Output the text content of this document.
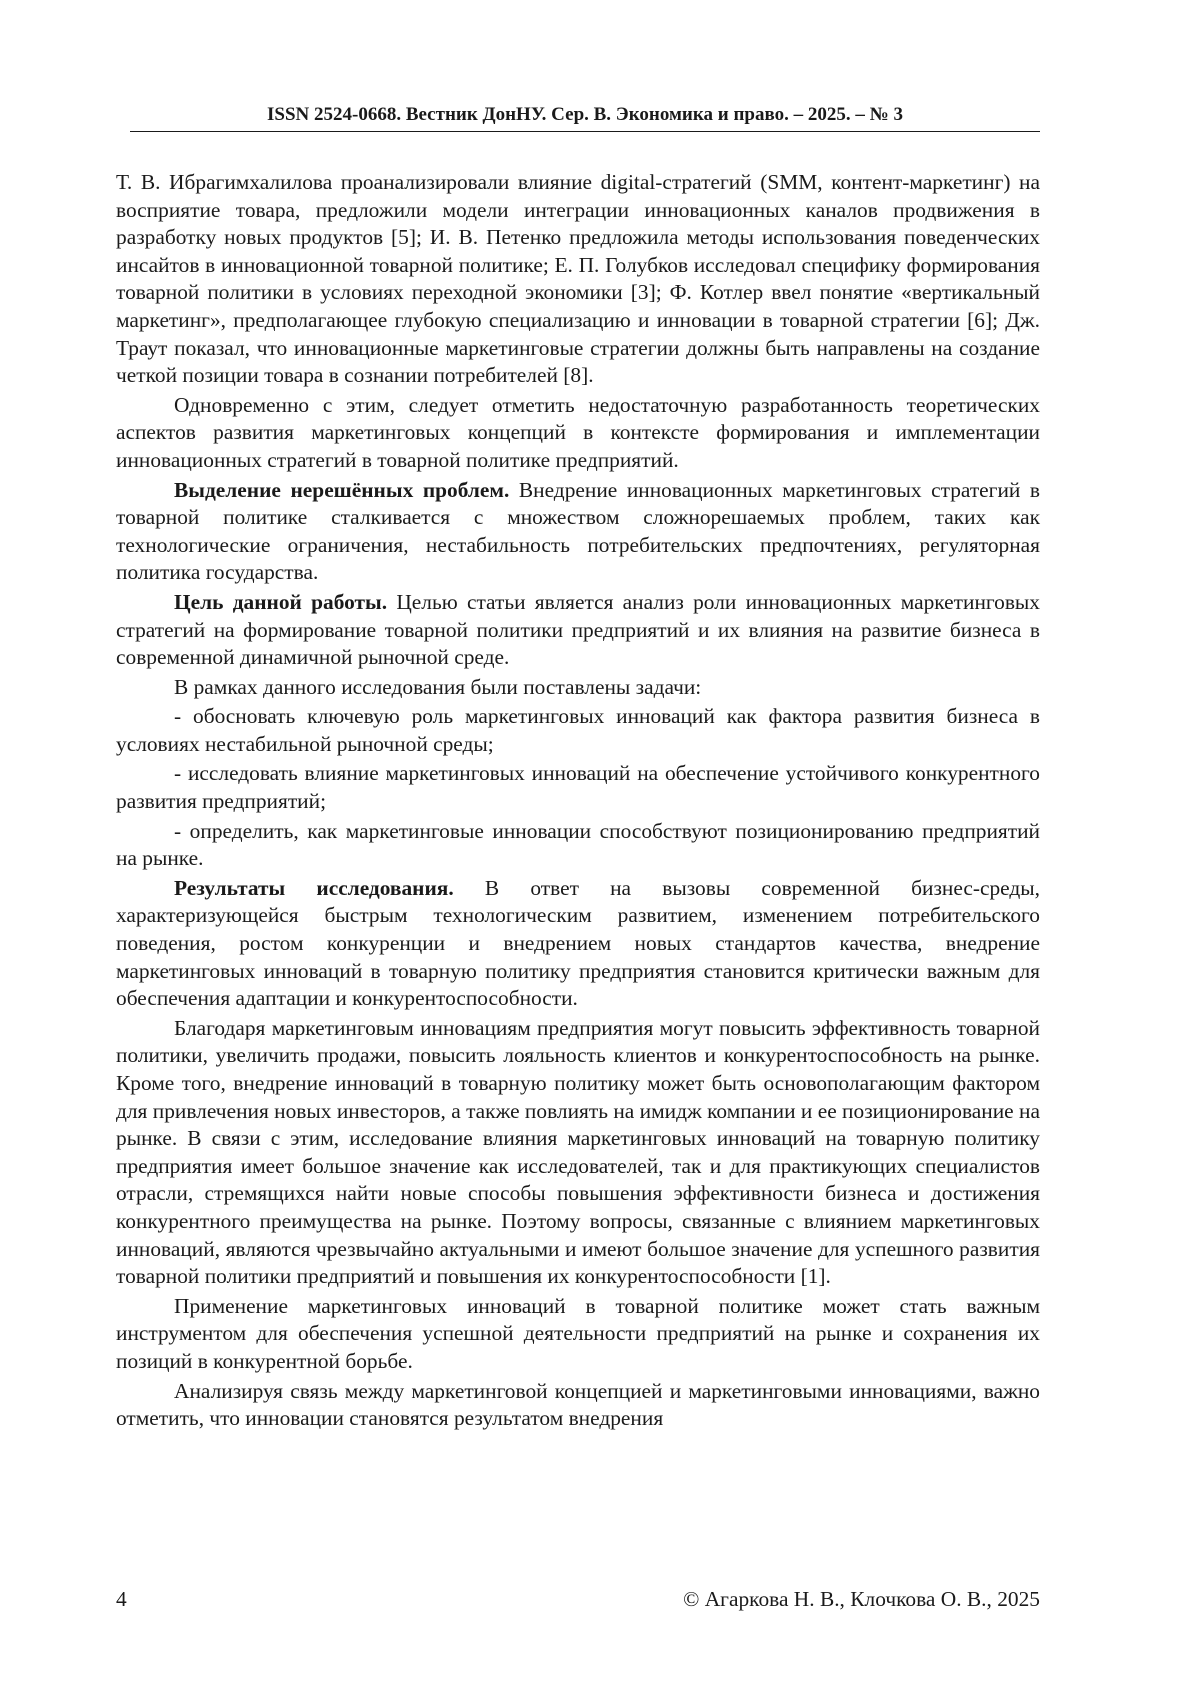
ISSN 2524-0668. Вестник ДонНУ. Сер. В. Экономика и право. – 2025. – № 3

Т. В. Ибрагимхалилова проанализировали влияние digital-стратегий (SMM, контент-маркетинг) на восприятие товара, предложили модели интеграции инновационных каналов продвижения в разработку новых продуктов [5]; И. В. Петенко предложила методы использования поведенческих инсайтов в инновационной товарной политике; Е. П. Голубков исследовал специфику формирования товарной политики в условиях переходной экономики [3]; Ф. Котлер ввел понятие «вертикальный маркетинг», предполагающее глубокую специализацию и инновации в товарной стратегии [6]; Дж. Траут показал, что инновационные маркетинговые стратегии должны быть направлены на создание четкой позиции товара в сознании потребителей [8].

Одновременно с этим, следует отметить недостаточную разработанность теоретических аспектов развития маркетинговых концепций в контексте формирования и имплементации инновационных стратегий в товарной политике предприятий.

Выделение нерешённых проблем. Внедрение инновационных маркетинговых стратегий в товарной политике сталкивается с множеством сложнорешаемых проблем, таких как технологические ограничения, нестабильность потребительских предпочтениях, регуляторная политика государства.

Цель данной работы. Целью статьи является анализ роли инновационных маркетинговых стратегий на формирование товарной политики предприятий и их влияния на развитие бизнеса в современной динамичной рыночной среде.

В рамках данного исследования были поставлены задачи:

- обосновать ключевую роль маркетинговых инноваций как фактора развития бизнеса в условиях нестабильной рыночной среды;

- исследовать влияние маркетинговых инноваций на обеспечение устойчивого конкурентного развития предприятий;

- определить, как маркетинговые инновации способствуют позиционированию предприятий на рынке.

Результаты исследования. В ответ на вызовы современной бизнес-среды, характеризующейся быстрым технологическим развитием, изменением потребительского поведения, ростом конкуренции и внедрением новых стандартов качества, внедрение маркетинговых инноваций в товарную политику предприятия становится критически важным для обеспечения адаптации и конкурентоспособности.

Благодаря маркетинговым инновациям предприятия могут повысить эффективность товарной политики, увеличить продажи, повысить лояльность клиентов и конкурентоспособность на рынке. Кроме того, внедрение инноваций в товарную политику может быть основополагающим фактором для привлечения новых инвесторов, а также повлиять на имидж компании и ее позиционирование на рынке. В связи с этим, исследование влияния маркетинговых инноваций на товарную политику предприятия имеет большое значение как исследователей, так и для практикующих специалистов отрасли, стремящихся найти новые способы повышения эффективности бизнеса и достижения конкурентного преимущества на рынке. Поэтому вопросы, связанные с влиянием маркетинговых инноваций, являются чрезвычайно актуальными и имеют большое значение для успешного развития товарной политики предприятий и повышения их конкурентоспособности [1].

Применение маркетинговых инноваций в товарной политике может стать важным инструментом для обеспечения успешной деятельности предприятий на рынке и сохранения их позиций в конкурентной борьбе.

Анализируя связь между маркетинговой концепцией и маркетинговыми инновациями, важно отметить, что инновации становятся результатом внедрения

4	© Агаркова Н. В., Клочкова О. В., 2025
